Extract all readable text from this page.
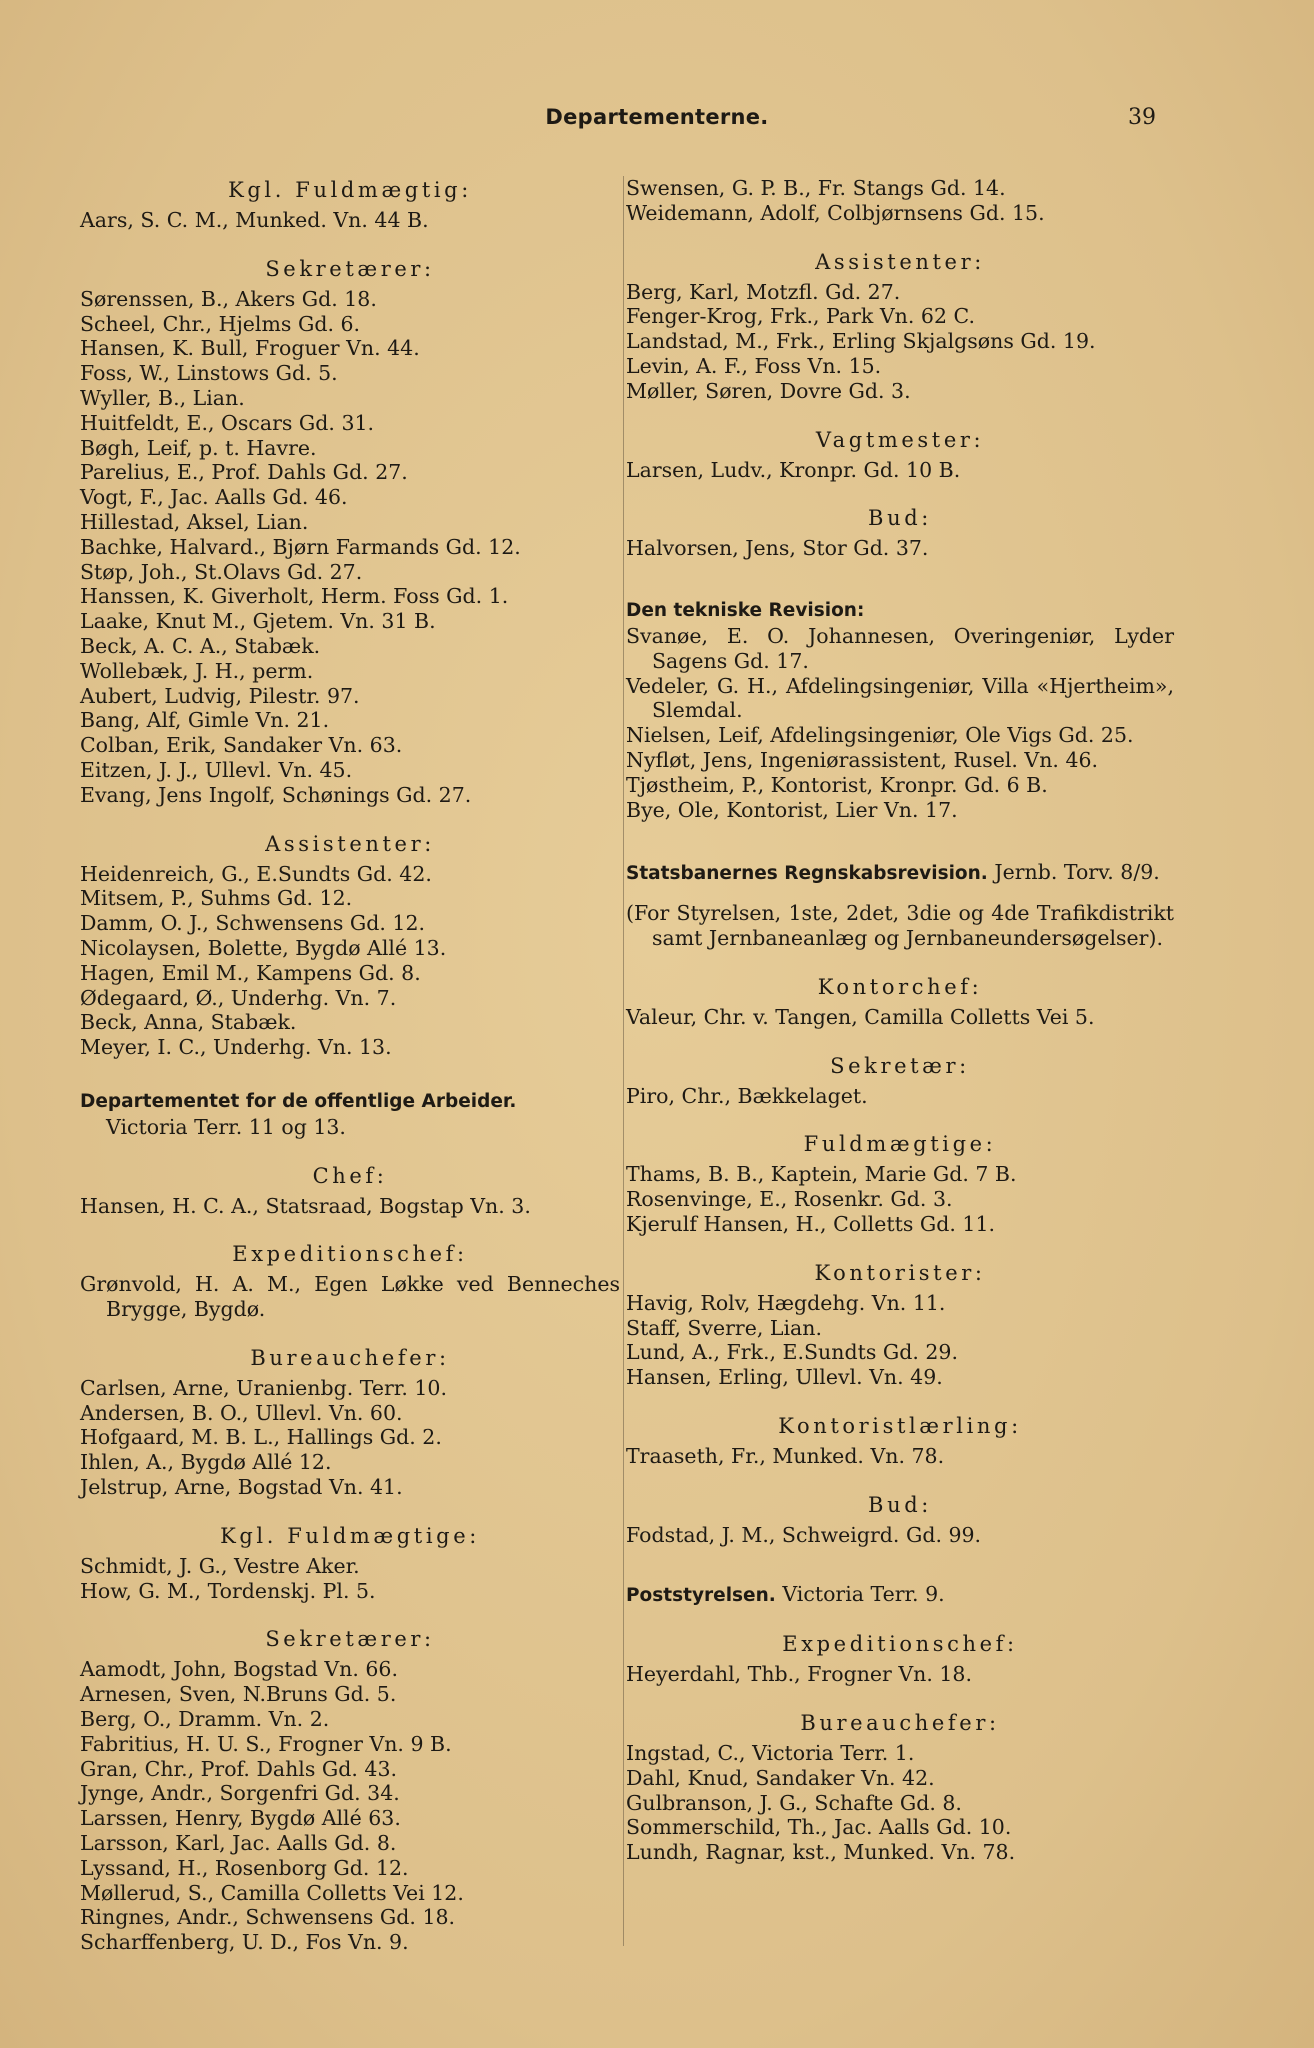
Departementerne.	39
Kgl. Fuldmægtig:
Aars, S. C. M., Munked. Vn. 44 B.
Sekretærer:
Sørenssen, B., Akers Gd. 18.
Scheel, Chr., Hjelms Gd. 6.
Hansen, K. Bull, Froguer Vn. 44.
Foss, W., Linstows Gd. 5.
Wyller, B., Lian.
Huitfeldt, E., Oscars Gd. 31.
Bøgh, Leif, p. t. Havre.
Parelius, E., Prof. Dahls Gd. 27.
Vogt, F., Jac. Aalls Gd. 46.
Hillestad, Aksel, Lian.
Bachke, Halvard., Bjørn Farmands Gd. 12.
Støp, Joh., St.Olavs Gd. 27.
Hanssen, K. Giverholt, Herm. Foss Gd. 1.
Laake, Knut M., Gjetem. Vn. 31 B.
Beck, A. C. A., Stabæk.
Wollebæk, J. H., perm.
Aubert, Ludvig, Pilestr. 97.
Bang, Alf, Gimle Vn. 21.
Colban, Erik, Sandaker Vn. 63.
Eitzen, J. J., Ullevl. Vn. 45.
Evang, Jens Ingolf, Schønings Gd. 27.
Assistenter:
Heidenreich, G., E.Sundts Gd. 42.
Mitsem, P., Suhms Gd. 12.
Damm, O. J., Schwensens Gd. 12.
Nicolaysen, Bolette, Bygdø Allé 13.
Hagen, Emil M., Kampens Gd. 8.
Ødegaard, Ø., Underhg. Vn. 7.
Beck, Anna, Stabæk.
Meyer, I. C., Underhg. Vn. 13.
Departementet for de offentlige Arbeider.
Victoria Terr. 11 og 13.
Chef:
Hansen, H. C. A., Statsraad, Bogstap Vn. 3.
Expeditionschef:
Grønvold, H. A. M., Egen Løkke ved Benneches Brygge, Bygdø.
Bureauchefer:
Carlsen, Arne, Uranienbg. Terr. 10.
Andersen, B. O., Ullevl. Vn. 60.
Hofgaard, M. B. L., Hallings Gd. 2.
Ihlen, A., Bygdø Allé 12.
Jelstrup, Arne, Bogstad Vn. 41.
Kgl. Fuldmægtige:
Schmidt, J. G., Vestre Aker.
How, G. M., Tordenskj. Pl. 5.
Sekretærer:
Aamodt, John, Bogstad Vn. 66.
Arnesen, Sven, N.Bruns Gd. 5.
Berg, O., Dramm. Vn. 2.
Fabritius, H. U. S., Frogner Vn. 9 B.
Gran, Chr., Prof. Dahls Gd. 43.
Jynge, Andr., Sorgenfri Gd. 34.
Larssen, Henry, Bygdø Allé 63.
Larsson, Karl, Jac. Aalls Gd. 8.
Lyssand, H., Rosenborg Gd. 12.
Møllerud, S., Camilla Colletts Vei 12.
Ringnes, Andr., Schwensens Gd. 18.
Scharffenberg, U. D., Fos Vn. 9.
Swensen, G. P. B., Fr. Stangs Gd. 14.
Weidemann, Adolf, Colbjørnsens Gd. 15.
Assistenter:
Berg, Karl, Motzfl. Gd. 27.
Fenger-Krog, Frk., Park Vn. 62 C.
Landstad, M., Frk., Erling Skjalgsøns Gd. 19.
Levin, A. F., Foss Vn. 15.
Møller, Søren, Dovre Gd. 3.
Vagtmester:
Larsen, Ludv., Kronpr. Gd. 10 B.
Bud:
Halvorsen, Jens, Stor Gd. 37.
Den tekniske Revision:
Svanøe, E. O. Johannesen, Overingeniør, Lyder Sagens Gd. 17.
Vedeler, G. H., Afdelingsingeniør, Villa «Hjertheim», Slemdal.
Nielsen, Leif, Afdelingsingeniør, Ole Vigs Gd. 25.
Nyfløt, Jens, Ingeniørassistent, Rusel. Vn. 46.
Tjøstheim, P., Kontorist, Kronpr. Gd. 6 B.
Bye, Ole, Kontorist, Lier Vn. 17.
Statsbanernes Regnskabsrevision. Jernb. Torv. 8/9.
(For Styrelsen, 1ste, 2det, 3die og 4de Trafikdistrikt samt Jernbaneanlæg og Jernbaneundersøgelser).
Kontorchef:
Valeur, Chr. v. Tangen, Camilla Colletts Vei 5.
Sekretær:
Piro, Chr., Bækkelaget.
Fuldmægtige:
Thams, B. B., Kaptein, Marie Gd. 7 B.
Rosenvinge, E., Rosenkr. Gd. 3.
Kjerulf Hansen, H., Colletts Gd. 11.
Kontorister:
Havig, Rolv, Hægdehg. Vn. 11.
Staff, Sverre, Lian.
Lund, A., Frk., E.Sundts Gd. 29.
Hansen, Erling, Ullevl. Vn. 49.
Kontoristlærling:
Traaseth, Fr., Munked. Vn. 78.
Bud:
Fodstad, J. M., Schweigrd. Gd. 99.
Poststyrelsen. Victoria Terr. 9.
Expeditionschef:
Heyerdahl, Thb., Frogner Vn. 18.
Bureauchefer:
Ingstad, C., Victoria Terr. 1.
Dahl, Knud, Sandaker Vn. 42.
Gulbranson, J. G., Schafte Gd. 8.
Sommerschild, Th., Jac. Aalls Gd. 10.
Lundh, Ragnar, kst., Munked. Vn. 78.
